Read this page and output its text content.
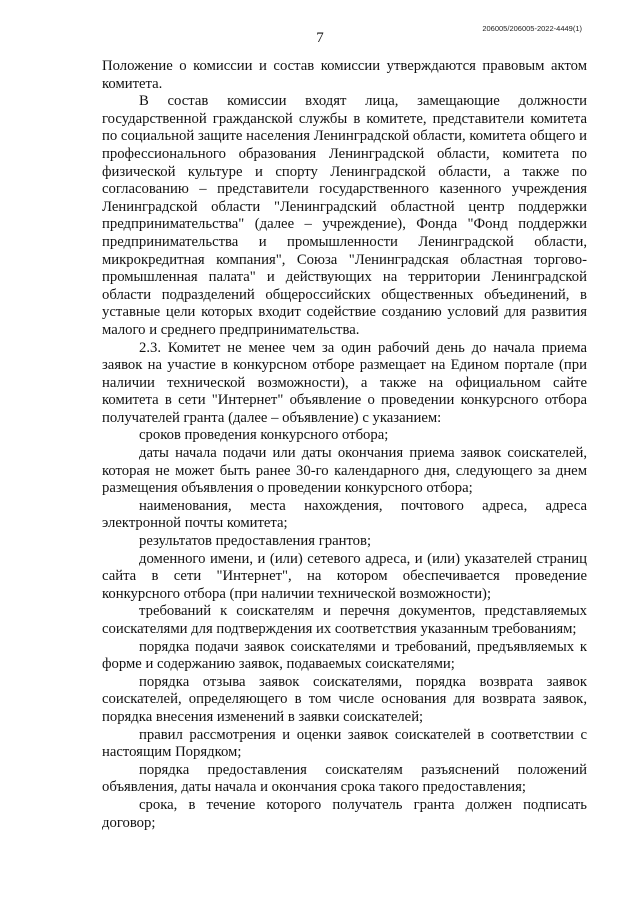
7
206005/206005-2022-4449(1)

Положение о комиссии и состав комиссии утверждаются правовым актом комитета.

В состав комиссии входят лица, замещающие должности государственной гражданской службы в комитете, представители комитета по социальной защите населения Ленинградской области, комитета общего и профессионального образования Ленинградской области, комитета по физической культуре и спорту Ленинградской области, а также по согласованию – представители государственного казенного учреждения Ленинградской области "Ленинградский областной центр поддержки предпринимательства" (далее – учреждение), Фонда "Фонд поддержки предпринимательства и промышленности Ленинградской области, микрокредитная компания", Союза "Ленинградская областная торгово-промышленная палата" и действующих на территории Ленинградской области подразделений общероссийских общественных объединений, в уставные цели которых входит содействие созданию условий для развития малого и среднего предпринимательства.

2.3. Комитет не менее чем за один рабочий день до начала приема заявок на участие в конкурсном отборе размещает на Едином портале (при наличии технической возможности), а также на официальном сайте комитета в сети "Интернет" объявление о проведении конкурсного отбора получателей гранта (далее – объявление) с указанием:

сроков проведения конкурсного отбора;

даты начала подачи или даты окончания приема заявок соискателей, которая не может быть ранее 30-го календарного дня, следующего за днем размещения объявления о проведении конкурсного отбора;

наименования, места нахождения, почтового адреса, адреса электронной почты комитета;

результатов предоставления грантов;

доменного имени, и (или) сетевого адреса, и (или) указателей страниц сайта в сети "Интернет", на котором обеспечивается проведение конкурсного отбора (при наличии технической возможности);

требований к соискателям и перечня документов, представляемых соискателями для подтверждения их соответствия указанным требованиям;

порядка подачи заявок соискателями и требований, предъявляемых к форме и содержанию заявок, подаваемых соискателями;

порядка отзыва заявок соискателями, порядка возврата заявок соискателей, определяющего в том числе основания для возврата заявок, порядка внесения изменений в заявки соискателей;

правил рассмотрения и оценки заявок соискателей в соответствии с настоящим Порядком;

порядка предоставления соискателям разъяснений положений объявления, даты начала и окончания срока такого предоставления;

срока, в течение которого получатель гранта должен подписать договор;
